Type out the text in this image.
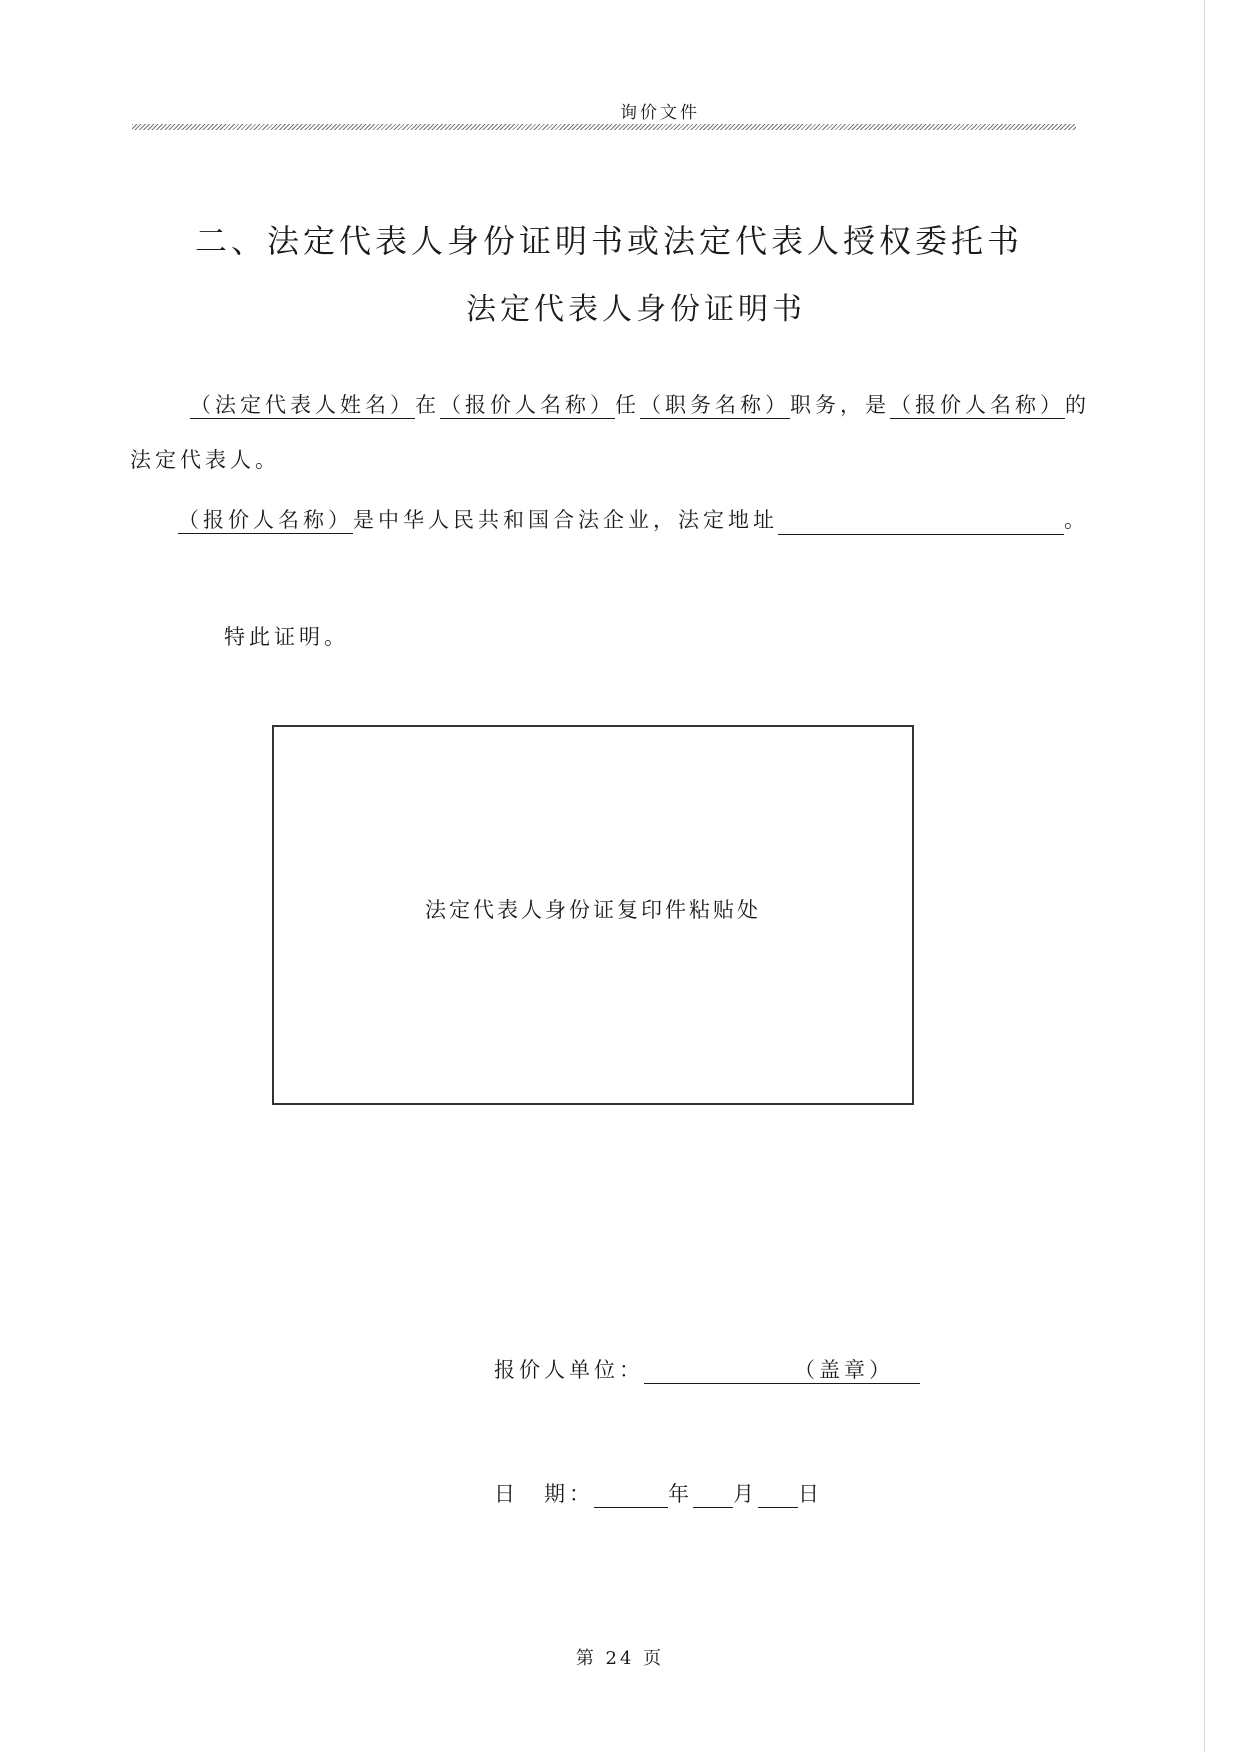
询价文件
二、法定代表人身份证明书或法定代表人授权委托书
法定代表人身份证明书
（法定代表人姓名）在（报价人名称）任（职务名称）职务，是（报价人名称）的
法定代表人。
（报价人名称）是中华人民共和国合法企业，法定地址	。
特此证明。
法定代表人身份证复印件粘贴处
报价人单位：	（盖章）
日　期：	年 月 日
第 24 页
